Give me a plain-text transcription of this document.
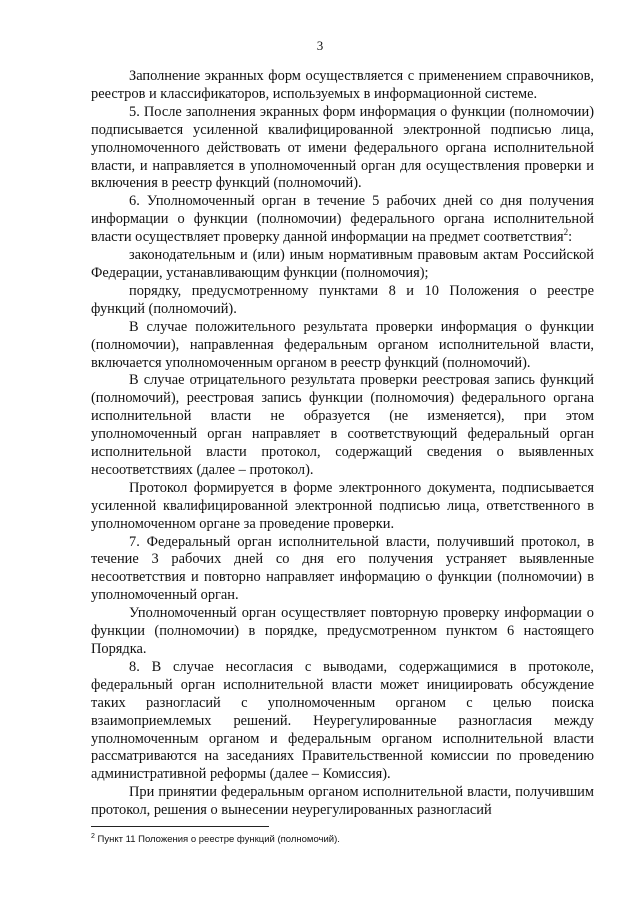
3

Заполнение экранных форм осуществляется с применением справочников, реестров и классификаторов, используемых в информационной системе.

5. После заполнения экранных форм информация о функции (полномочии) подписывается усиленной квалифицированной электронной подписью лица, уполномоченного действовать от имени федерального органа исполнительной власти, и направляется в уполномоченный орган для осуществления проверки и включения в реестр функций (полномочий).

6. Уполномоченный орган в течение 5 рабочих дней со дня получения информации о функции (полномочии) федерального органа исполнительной власти осуществляет проверку данной информации на предмет соответствия$^2$:

законодательным и (или) иным нормативным правовым актам Российской Федерации, устанавливающим функции (полномочия);

порядку, предусмотренному пунктами 8 и 10 Положения о реестре функций (полномочий).

В случае положительного результата проверки информация о функции (полномочии), направленная федеральным органом исполнительной власти, включается уполномоченным органом в реестр функций (полномочий).

В случае отрицательного результата проверки реестровая запись функций (полномочий), реестровая запись функции (полномочия) федерального органа исполнительной власти не образуется (не изменяется), при этом уполномоченный орган направляет в соответствующий федеральный орган исполнительной власти протокол, содержащий сведения о выявленных несоответствиях (далее – протокол).

Протокол формируется в форме электронного документа, подписывается усиленной квалифицированной электронной подписью лица, ответственного в уполномоченном органе за проведение проверки.

7. Федеральный орган исполнительной власти, получивший протокол, в течение 3 рабочих дней со дня его получения устраняет выявленные несоответствия и повторно направляет информацию о функции (полномочии) в уполномоченный орган.

Уполномоченный орган осуществляет повторную проверку информации о функции (полномочии) в порядке, предусмотренном пунктом 6 настоящего Порядка.

8. В случае несогласия с выводами, содержащимися в протоколе, федеральный орган исполнительной власти может инициировать обсуждение таких разногласий с уполномоченным органом с целью поиска взаимоприемлемых решений. Неурегулированные разногласия между уполномоченным органом и федеральным органом исполнительной власти рассматриваются на заседаниях Правительственной комиссии по проведению административной реформы (далее – Комиссия).

При принятии федеральным органом исполнительной власти, получившим протокол, решения о вынесении неурегулированных разногласий

$^2$ Пункт 11 Положения о реестре функций (полномочий).
